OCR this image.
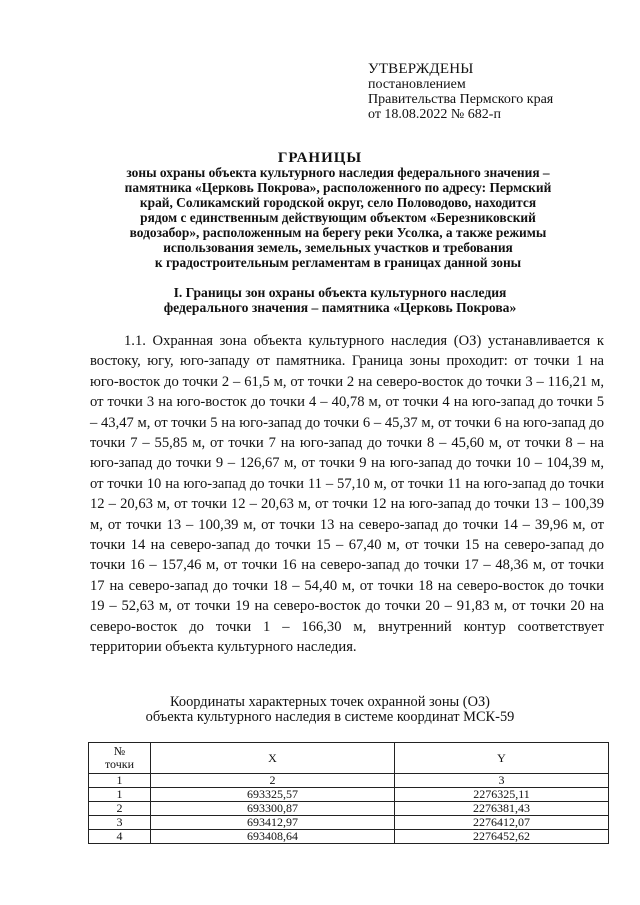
УТВЕРЖДЕНЫ
постановлением
Правительства Пермского края
от 18.08.2022 № 682-п
ГРАНИЦЫ
зоны охраны объекта культурного наследия федерального значения –
памятника «Церковь Покрова», расположенного по адресу: Пермский
край, Соликамский городской округ, село Половодово, находится
рядом с единственным действующим объектом «Березниковский
водозабор», расположенным на берегу реки Усолка, а также режимы
использования земель, земельных участков и требования
к градостроительным регламентам в границах данной зоны
I. Границы зон охраны объекта культурного наследия
федерального значения – памятника «Церковь Покрова»
1.1. Охранная зона объекта культурного наследия (ОЗ) устанавливается к востоку, югу, юго-западу от памятника. Граница зоны проходит: от точки 1 на юго-восток до точки 2 – 61,5 м, от точки 2 на северо-восток до точки 3 – 116,21 м, от точки 3 на юго-восток до точки 4 – 40,78 м, от точки 4 на юго-запад до точки 5 – 43,47 м, от точки 5 на юго-запад до точки 6 – 45,37 м, от точки 6 на юго-запад до точки 7 – 55,85 м, от точки 7 на юго-запад до точки 8 – 45,60 м, от точки 8 – на юго-запад до точки 9 – 126,67 м, от точки 9 на юго-запад до точки 10 – 104,39 м, от точки 10 на юго-запад до точки 11 – 57,10 м, от точки 11 на юго-запад до точки 12 – 20,63 м, от точки 12 – 20,63 м, от точки 12 на юго-запад до точки 13 – 100,39 м, от точки 13 – 100,39 м, от точки 13 на северо-запад до точки 14 – 39,96 м, от точки 14 на северо-запад до точки 15 – 67,40 м, от точки 15 на северо-запад до точки 16 – 157,46 м, от точки 16 на северо-запад до точки 17 – 48,36 м, от точки 17 на северо-запад до точки 18 – 54,40 м, от точки 18 на северо-восток до точки 19 – 52,63 м, от точки 19 на северо-восток до точки 20 – 91,83 м, от точки 20 на северо-восток до точки 1 – 166,30 м, внутренний контур соответствует территории объекта культурного наследия.
Координаты характерных точек охранной зоны (ОЗ)
объекта культурного наследия в системе координат МСК-59
№
точки	X	Y
1	2	3
1	693325,57	2276325,11
2	693300,87	2276381,43
3	693412,97	2276412,07
4	693408,64	2276452,62
